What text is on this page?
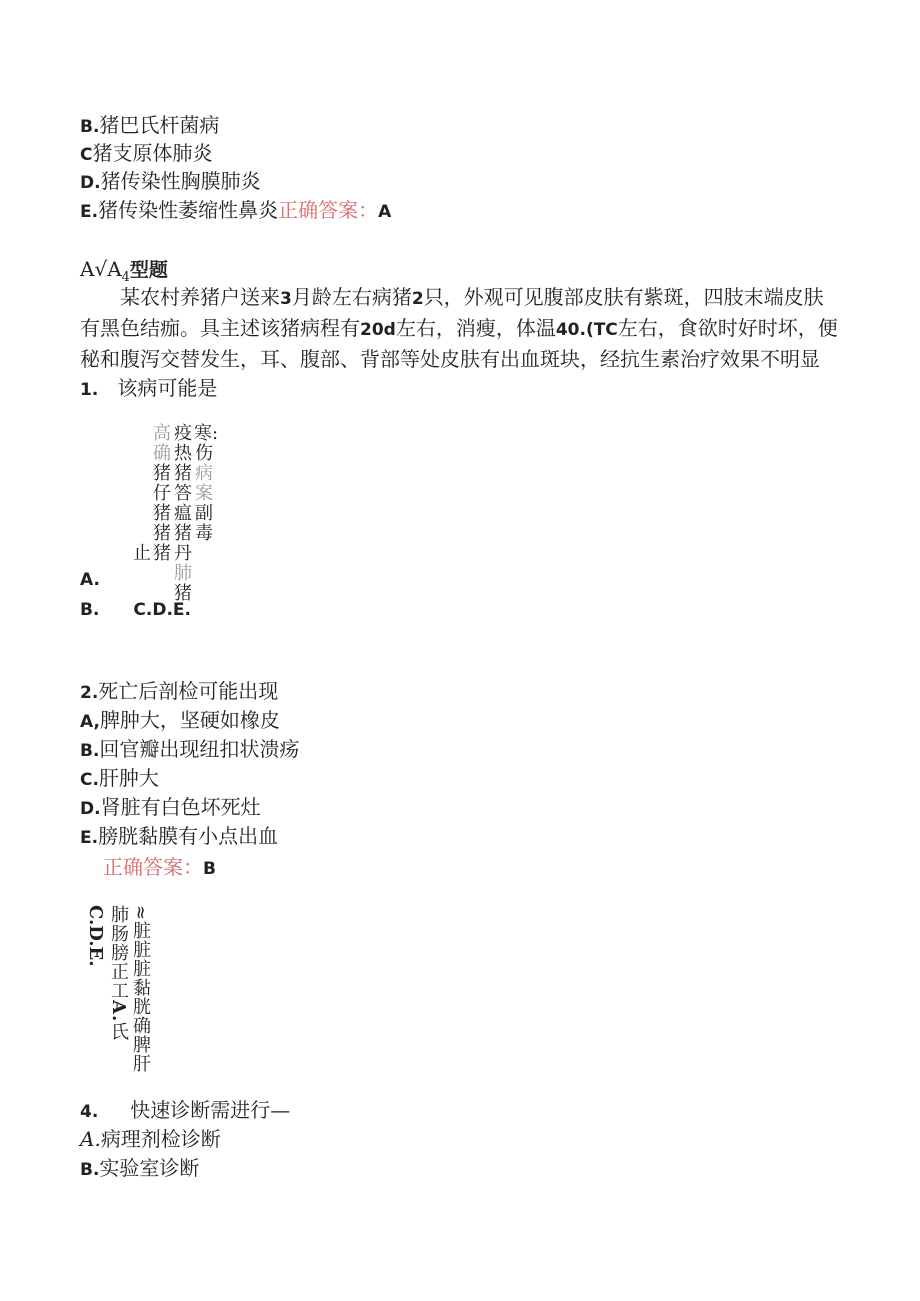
B.猪巴氏杆菌病
C猪支原体肺炎
D.猪传染性胸膜肺炎
E.猪传染性萎缩性鼻炎正确答案：A
$A√A_4$型题
某农村养猪户送来3月龄左右病猪2只，外观可见腹部皮肤有紫斑，四肢末端皮肤有黑色结痂。具主述该猪病程有20d左右，消瘦，体温40.(TC左右，食欲时好时坏，便秘和腹泻交替发生，耳、腹部、背部等处皮肤有出血斑块，经抗生素治疗效果不明显1. 该病可能是
止
高确猪仔猪猪猪
疫热猪答瘟猪丹肺猪
寒:伤病案副毒
A.
B. C.D.E.
2.死亡后剖检可能出现
A,脾肿大，坚硬如橡皮
B.回官瓣出现纽扣状溃疡
C.肝肿大
D.肾脏有白色坏死灶
E.膀胱黏膜有小点出血
正确答案：B
C.D.E. 肺肠膀正工A.氏 ≈脏脏脏黏胱确脾肝
4. 快速诊断需进行—
A.病理剂检诊断
B.实验室诊断
